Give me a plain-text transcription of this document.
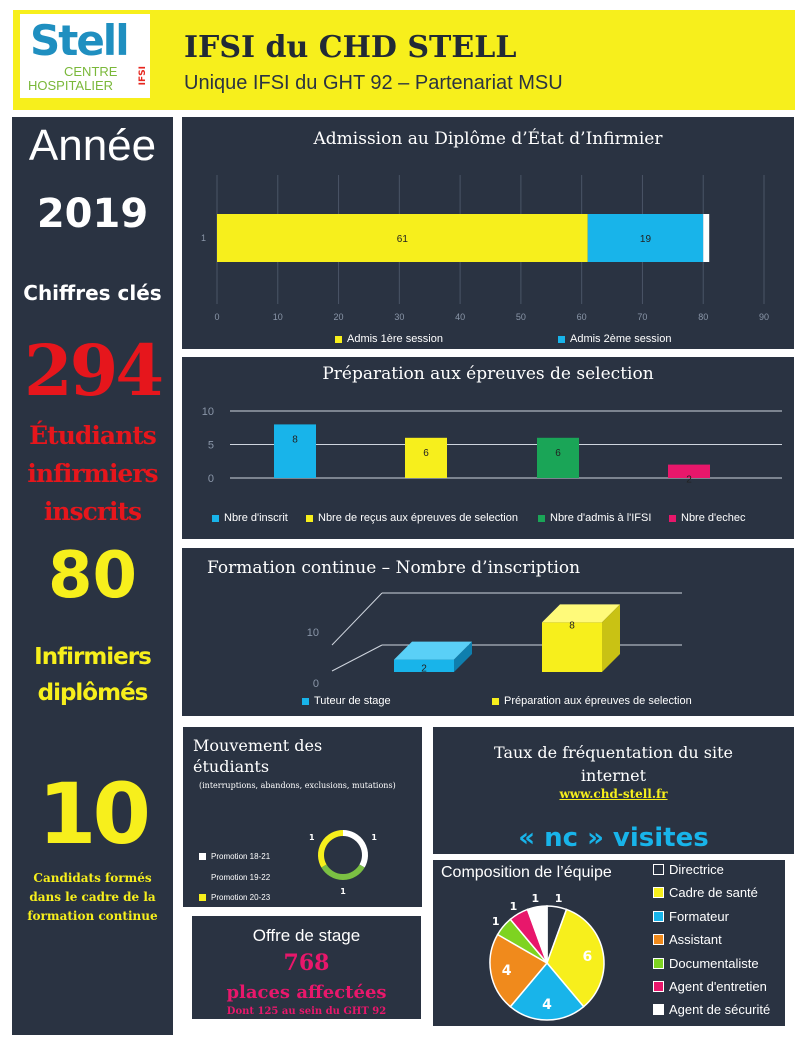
Stell
CENTRE
HOSPITALIER
IFSI
IFSI du CHD STELL
Unique IFSI du GHT 92 – Partenariat MSU
Année
2019
Chiffres clés
294
Étudiants
infirmiers
inscrits
80
Infirmiers
diplômés
10
Candidats formés
dans le cadre de la
formation continue
Admission au Diplôme d’État d’Infirmier
0	10	20	30	40	50	60	70	80	90
61	19
1
Admis 1ère session	Admis 2ème session
Préparation aux épreuves de selection
0
5
10
8
6	6
2
Nbre d'inscrit	Nbre de reçus aux épreuves de selection	Nbre d'admis à l'IFSI	Nbre d'echec
Formation continue – Nombre d’inscription
0
10
2
8
Tuteur de stage	Préparation aux épreuves de selection
Mouvement des
étudiants
(interruptions, abandons, exclusions, mutations)
Promotion 18-21
Promotion 19-22
Promotion 20-23
1
1
1
Taux de fréquentation du site
internet
www.chd-stell.fr
« nc » visites
Composition de l’équipe
1
6
4
4
1
1
1
Directrice
Cadre de santé
Formateur
Assistant
Documentaliste
Agent d'entretien
Agent de sécurité
Offre de stage
768
places affectées
Dont 125 au sein du GHT 92
